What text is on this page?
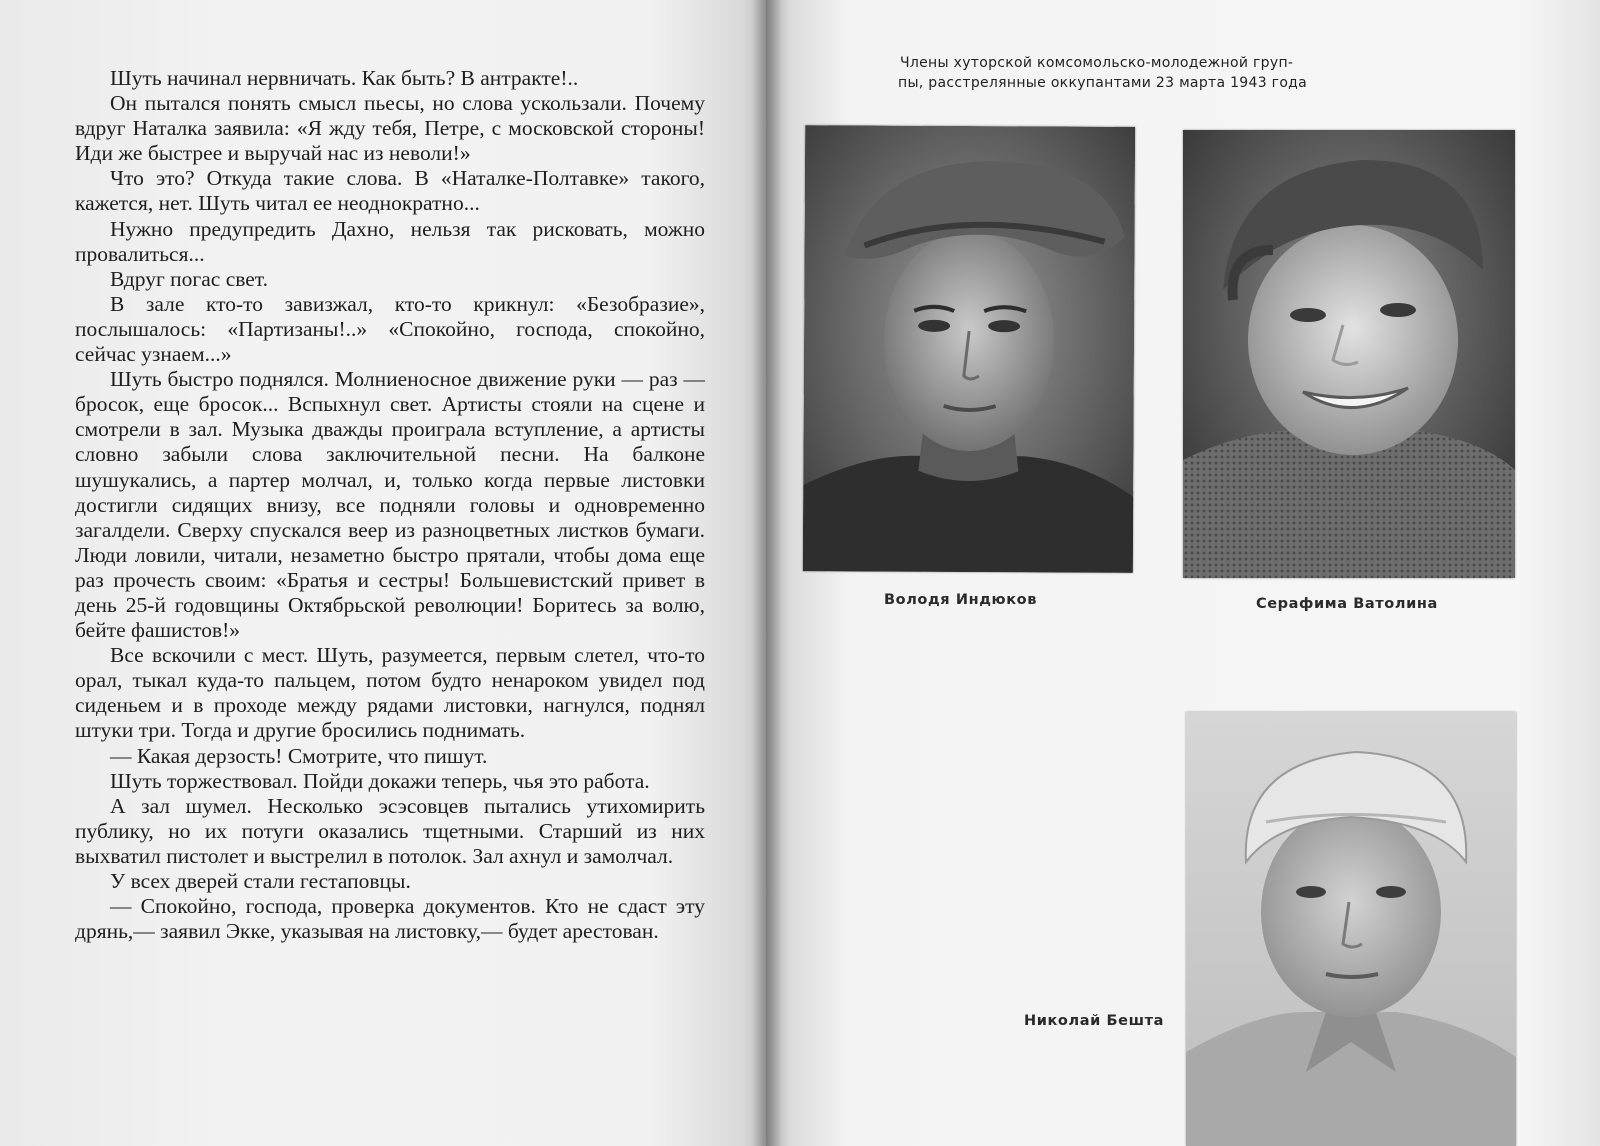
Шуть начинал нервничать. Как быть? В антракте!..

Он пытался понять смысл пьесы, но слова ускользали. Почему вдруг Наталка заявила: «Я жду тебя, Петре, с московской стороны! Иди же быстрее и выручай нас из неволи!»

Что это? Откуда такие слова. В «Наталке-Полтавке» такого, кажется, нет. Шуть читал ее неоднократно...

Нужно предупредить Дахно, нельзя так рисковать, можно провалиться...

Вдруг погас свет.

В зале кто-то завизжал, кто-то крикнул: «Безобразие», послышалось: «Партизаны!..» «Спокойно, господа, спокойно, сейчас узнаем...»

Шуть быстро поднялся. Молниеносное движение руки — раз — бросок, еще бросок... Вспыхнул свет. Артисты стояли на сцене и смотрели в зал. Музыка дважды проиграла вступление, а артисты словно забыли слова заключительной песни. На балконе шушукались, а партер молчал, и, только когда первые листовки достигли сидящих внизу, все подняли головы и одновременно загалдели. Сверху спускался веер из разноцветных листков бумаги. Люди ловили, читали, незаметно быстро прятали, чтобы дома еще раз прочесть своим: «Братья и сестры! Большевистский привет в день 25-й годовщины Октябрьской революции! Боритесь за волю, бейте фашистов!»

Все вскочили с мест. Шуть, разумеется, первым слетел, что-то орал, тыкал куда-то пальцем, потом будто ненароком увидел под сиденьем и в проходе между рядами листовки, нагнулся, поднял штуки три. Тогда и другие бросились поднимать.

— Какая дерзость! Смотрите, что пишут.

Шуть торжествовал. Пойди докажи теперь, чья это работа.

А зал шумел. Несколько эсэсовцев пытались утихомирить публику, но их потуги оказались тщетными. Старший из них выхватил пистолет и выстрелил в потолок. Зал ахнул и замолчал.

У всех дверей стали гестаповцы.

— Спокойно, господа, проверка документов. Кто не сдаст эту дрянь,— заявил Экке, указывая на листовку,— будет арестован.

Члены хуторской комсомольско-молодежной груп-
пы, расстрелянные оккупантами 23 марта 1943 года
Володя Индюков	Серафима Ватолина
Николай Бешта
